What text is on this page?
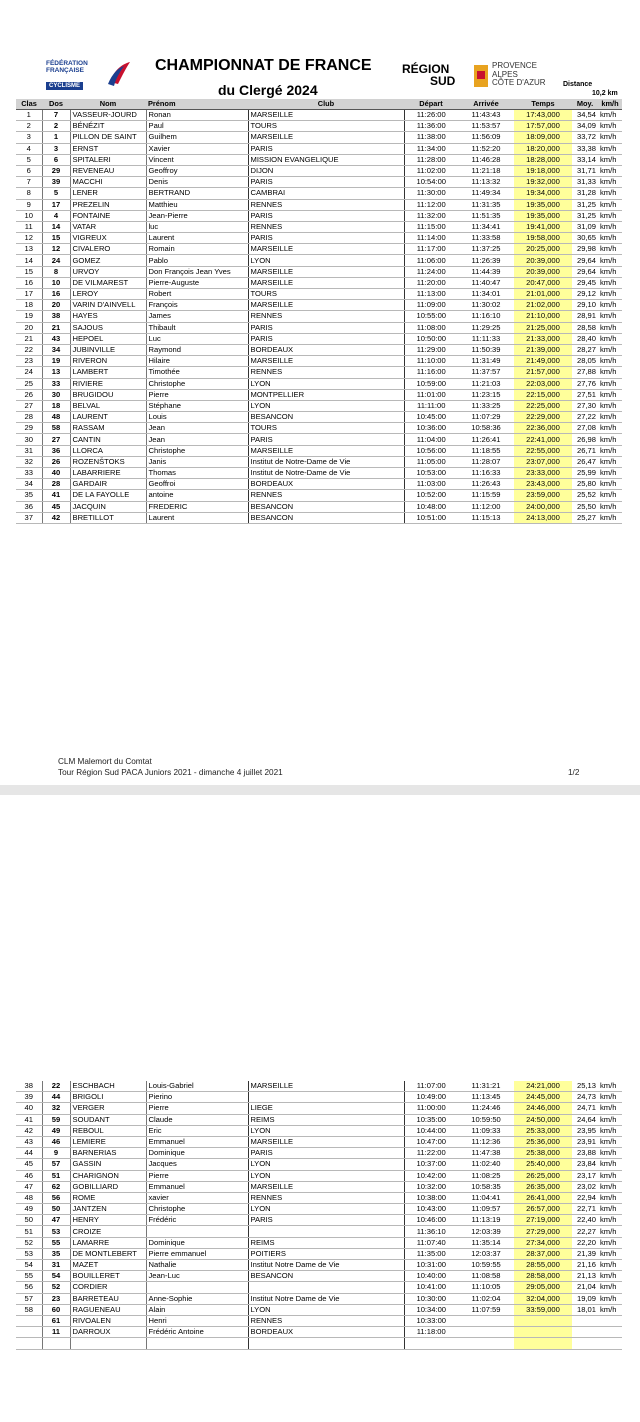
FÉDÉRATION
FRANÇAISE
CYCLISME
CHAMPIONNAT DE FRANCE
du Clergé 2024
RÉGION
SUD
PROVENCE
ALPES
CÔTE D'AZUR Distance
10,2 km
Clas	Dos	Nom	Prénom	Club	Départ	Arrivée	Temps	Moy.	km/h
1	7	VASSEUR-JOURD	Ronan	MARSEILLE	11:26:00	11:43:43	17:43,000	34,54	km/h
2	2	BÉNÉZIT	Paul	TOURS	11:36:00	11:53:57	17:57,000	34,09	km/h
3	1	PILLON DE SAINT	Guilhem	MARSEILLE	11:38:00	11:56:09	18:09,000	33,72	km/h
4	3	ERNST	Xavier	PARIS	11:34:00	11:52:20	18:20,000	33,38	km/h
5	6	SPITALERI	Vincent	MISSION EVANGELIQUE	11:28:00	11:46:28	18:28,000	33,14	km/h
6	29	REVENEAU	Geoffroy	DIJON	11:02:00	11:21:18	19:18,000	31,71	km/h
7	39	MACCHI	Denis	PARIS	10:54:00	11:13:32	19:32,000	31,33	km/h
8	5	LENER	BERTRAND	CAMBRAI	11:30:00	11:49:34	19:34,000	31,28	km/h
9	17	PREZELIN	Matthieu	RENNES	11:12:00	11:31:35	19:35,000	31,25	km/h
10	4	FONTAINE	Jean-Pierre	PARIS	11:32:00	11:51:35	19:35,000	31,25	km/h
11	14	VATAR	luc	RENNES	11:15:00	11:34:41	19:41,000	31,09	km/h
12	15	VIGREUX	Laurent	PARIS	11:14:00	11:33:58	19:58,000	30,65	km/h
13	12	CIVALERO	Romain	MARSEILLE	11:17:00	11:37:25	20:25,000	29,98	km/h
14	24	GOMEZ	Pablo	LYON	11:06:00	11:26:39	20:39,000	29,64	km/h
15	8	URVOY	Don François Jean Yves	MARSEILLE	11:24:00	11:44:39	20:39,000	29,64	km/h
16	10	DE VILMAREST	Pierre-Auguste	MARSEILLE	11:20:00	11:40:47	20:47,000	29,45	km/h
17	16	LEROY	Robert	TOURS	11:13:00	11:34:01	21:01,000	29,12	km/h
18	20	VARIN D'AINVELL	François	MARSEILLE	11:09:00	11:30:02	21:02,000	29,10	km/h
19	38	HAYES	James	RENNES	10:55:00	11:16:10	21:10,000	28,91	km/h
20	21	SAJOUS	Thibault	PARIS	11:08:00	11:29:25	21:25,000	28,58	km/h
21	43	HEPOEL	Luc	PARIS	10:50:00	11:11:33	21:33,000	28,40	km/h
22	34	JUBINVILLE	Raymond	BORDEAUX	11:29:00	11:50:39	21:39,000	28,27	km/h
23	19	RIVERON	Hilaire	MARSEILLE	11:10:00	11:31:49	21:49,000	28,05	km/h
24	13	LAMBERT	Timothée	RENNES	11:16:00	11:37:57	21:57,000	27,88	km/h
25	33	RIVIERE	Christophe	LYON	10:59:00	11:21:03	22:03,000	27,76	km/h
26	30	BRUGIDOU	Pierre	MONTPELLIER	11:01:00	11:23:15	22:15,000	27,51	km/h
27	18	BELVAL	Stéphane	LYON	11:11:00	11:33:25	22:25,000	27,30	km/h
28	48	LAURENT	Louis	BESANCON	10:45:00	11:07:29	22:29,000	27,22	km/h
29	58	RASSAM	Jean	TOURS	10:36:00	10:58:36	22:36,000	27,08	km/h
30	27	CANTIN	Jean	PARIS	11:04:00	11:26:41	22:41,000	26,98	km/h
31	36	LLORCA	Christophe	MARSEILLE	10:56:00	11:18:55	22:55,000	26,71	km/h
32	26	ROZENŠTOKS	Janis	Institut de Notre-Dame de Vie	11:05:00	11:28:07	23:07,000	26,47	km/h
33	40	LABARRIERE	Thomas	Institut de Notre-Dame de Vie	10:53:00	11:16:33	23:33,000	25,99	km/h
34	28	GARDAIR	Geoffroi	BORDEAUX	11:03:00	11:26:43	23:43,000	25,80	km/h
35	41	DE LA FAYOLLE	antoine	RENNES	10:52:00	11:15:59	23:59,000	25,52	km/h
36	45	JACQUIN	FREDERIC	BESANCON	10:48:00	11:12:00	24:00,000	25,50	km/h
37	42	BRETILLOT	Laurent	BESANCON	10:51:00	11:15:13	24:13,000	25,27	km/h
CLM Malemort du Comtat
Tour Région Sud PACA Juniors 2021 - dimanche 4 juillet 2021	1/2
38	22	ESCHBACH	Louis-Gabriel	MARSEILLE	11:07:00	11:31:21	24:21,000	25,13	km/h
39	44	BRIGOLI	Pierino		10:49:00	11:13:45	24:45,000	24,73	km/h
40	32	VERGER	Pierre	LIEGE	11:00:00	11:24:46	24:46,000	24,71	km/h
41	59	SOUDANT	Claude	REIMS	10:35:00	10:59:50	24:50,000	24,64	km/h
42	49	REBOUL	Eric	LYON	10:44:00	11:09:33	25:33,000	23,95	km/h
43	46	LEMIERE	Emmanuel	MARSEILLE	10:47:00	11:12:36	25:36,000	23,91	km/h
44	9	BARNERIAS	Dominique	PARIS	11:22:00	11:47:38	25:38,000	23,88	km/h
45	57	GASSIN	Jacques	LYON	10:37:00	11:02:40	25:40,000	23,84	km/h
46	51	CHARIGNON	Pierre	LYON	10:42:00	11:08:25	26:25,000	23,17	km/h
47	62	GOBILLIARD	Emmanuel	MARSEILLE	10:32:00	10:58:35	26:35,000	23,02	km/h
48	56	ROME	xavier	RENNES	10:38:00	11:04:41	26:41,000	22,94	km/h
49	50	JANTZEN	Christophe	LYON	10:43:00	11:09:57	26:57,000	22,71	km/h
50	47	HENRY	Frédéric	PARIS	10:46:00	11:13:19	27:19,000	22,40	km/h
51	53	CROIZE			11:36:10	12:03:39	27:29,000	22,27	km/h
52	55	LAMARRE	Dominique	REIMS	11:07:40	11:35:14	27:34,000	22,20	km/h
53	35	DE MONTLEBERT	Pierre emmanuel	POITIERS	11:35:00	12:03:37	28:37,000	21,39	km/h
54	31	MAZET	Nathalie	Institut Notre Dame de Vie	10:31:00	10:59:55	28:55,000	21,16	km/h
55	54	BOUILLERET	Jean-Luc	BESANCON	10:40:00	11:08:58	28:58,000	21,13	km/h
56	52	CORDIER			10:41:00	11:10:05	29:05,000	21,04	km/h
57	23	BARRETEAU	Anne-Sophie	Institut Notre Dame de Vie	10:30:00	11:02:04	32:04,000	19,09	km/h
58	60	RAGUENEAU	Alain	LYON	10:34:00	11:07:59	33:59,000	18,01	km/h
	61	RIVOALEN	Henri	RENNES	10:33:00				
	11	DARROUX	Frédéric Antoine	BORDEAUX	11:18:00				
